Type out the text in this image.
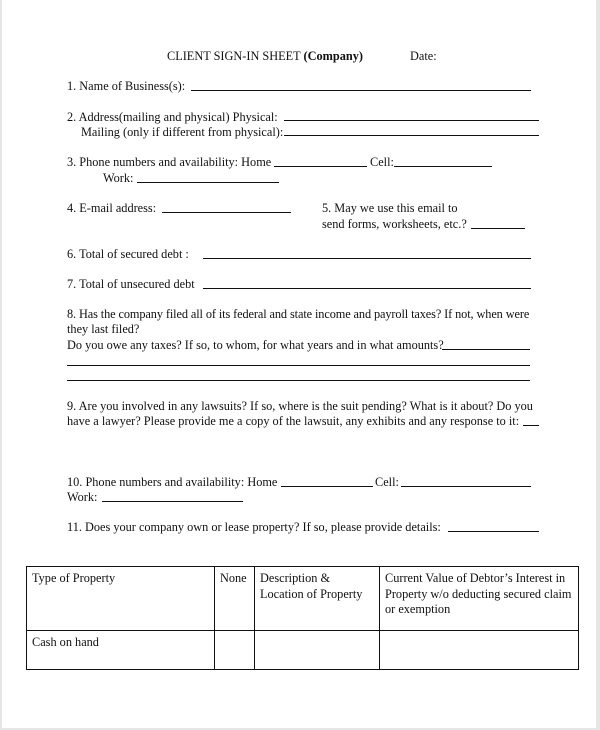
CLIENT SIGN-IN SHEET (Company)	Date:
1. Name of Business(s):
2. Address(mailing and physical) Physical:
Mailing (only if different from physical):
3. Phone numbers and availability: Home	Cell:
Work:
4. E-mail address:	5. May we use this email to
send forms, worksheets, etc.?
6. Total of secured debt :
7. Total of unsecured debt
8. Has the company filed all of its federal and state income and payroll taxes? If not, when were
they last filed?
Do you owe any taxes? If so, to whom, for what years and in what amounts?
9. Are you involved in any lawsuits? If so, where is the suit pending? What is it about? Do you
have a lawyer? Please provide me a copy of the lawsuit, any exhibits and any response to it:
10. Phone numbers and availability: Home	Cell:
Work:
11. Does your company own or lease property? If so, please provide details:
Type of Property	None	Description & Location of Property	Current Value of Debtor’s Interest in Property w/o deducting secured claim or exemption
Cash on hand			
